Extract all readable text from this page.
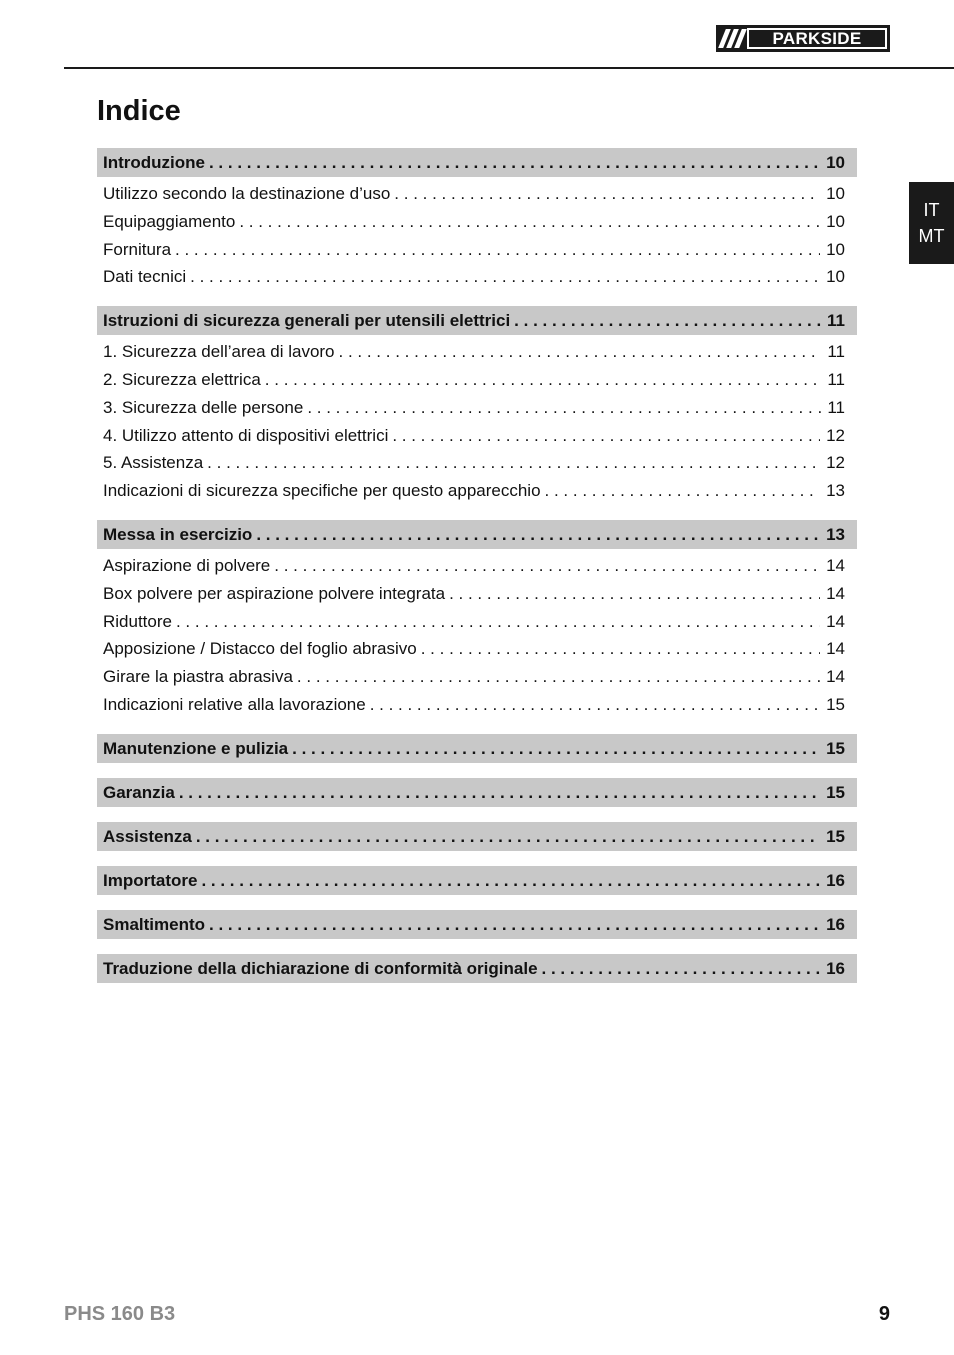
PARKSIDE
Indice
IT
MT
Introduzione . . .	10
Utilizzo secondo la destinazione d’uso . . .	10
Equipaggiamento . . .	10
Fornitura . . .	10
Dati tecnici . . .	10
Istruzioni di sicurezza generali per utensili elettrici . . .	11
1. Sicurezza dell’area di lavoro . . .	11
2. Sicurezza elettrica . . .	11
3. Sicurezza delle persone . . .	11
4. Utilizzo attento di dispositivi elettrici . . .	12
5. Assistenza . . .	12
Indicazioni di sicurezza specifiche per questo apparecchio . . .	13
Messa in esercizio . . .	13
Aspirazione di polvere . . .	14
Box polvere per aspirazione polvere integrata . . .	14
Riduttore . . .	14
Apposizione / Distacco del foglio abrasivo . . .	14
Girare la piastra abrasiva . . .	14
Indicazioni relative alla lavorazione . . .	15
Manutenzione e pulizia . . .	15
Garanzia . . .	15
Assistenza . . .	15
Importatore . . .	16
Smaltimento . . .	16
Traduzione della dichiarazione di conformità originale . . .	16
PHS 160 B3	9
